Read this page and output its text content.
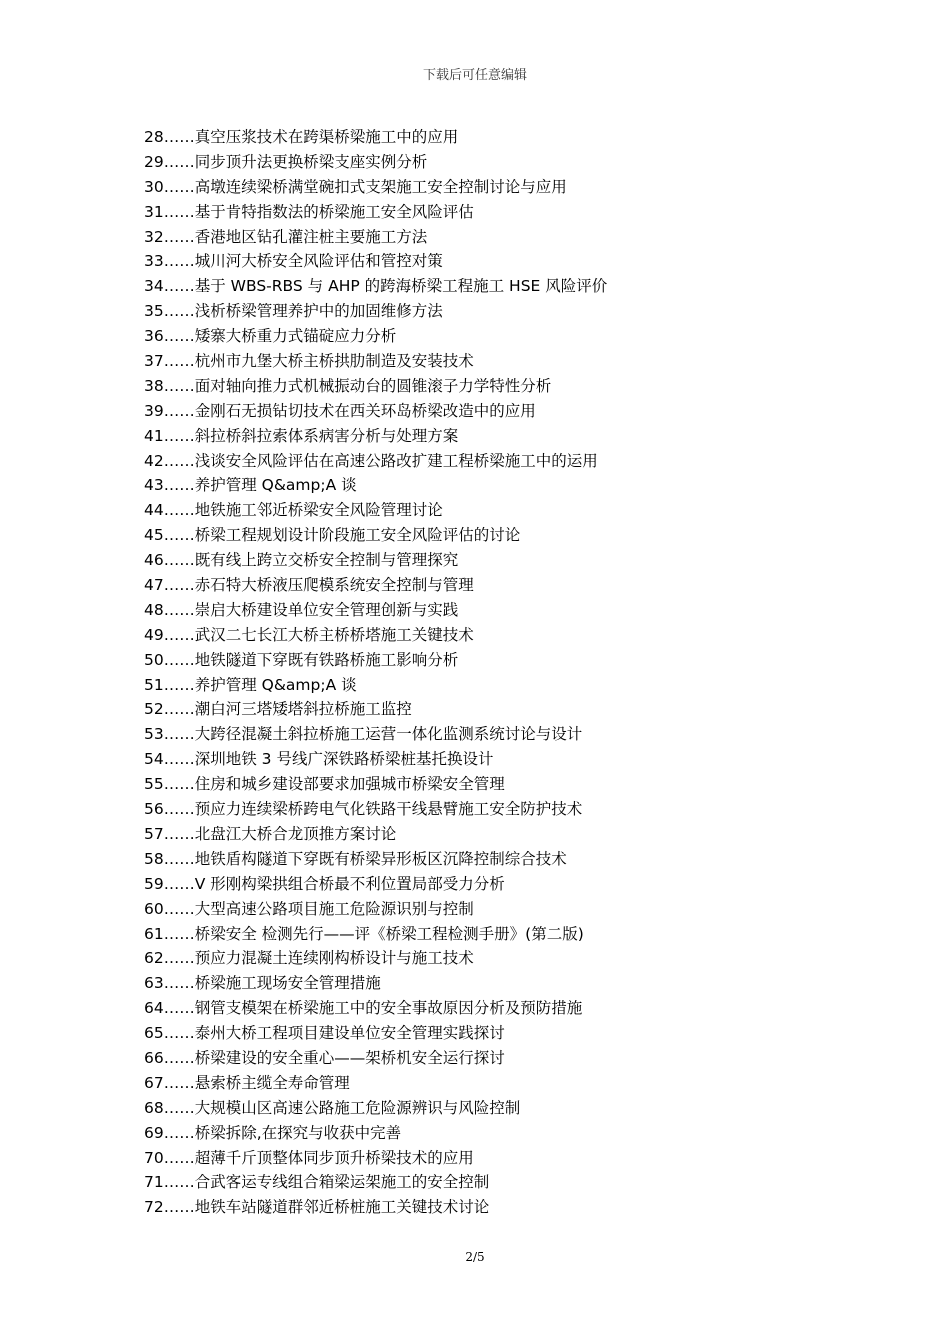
下载后可任意编辑
28……真空压浆技术在跨渠桥梁施工中的应用
29……同步顶升法更换桥梁支座实例分析
30……高墩连续梁桥满堂碗扣式支架施工安全控制讨论与应用
31……基于肯特指数法的桥梁施工安全风险评估
32……香港地区钻孔灌注桩主要施工方法
33……城川河大桥安全风险评估和管控对策
34……基于 WBS-RBS 与 AHP 的跨海桥梁工程施工 HSE 风险评价
35……浅析桥梁管理养护中的加固维修方法
36……矮寨大桥重力式锚碇应力分析
37……杭州市九堡大桥主桥拱肋制造及安装技术
38……面对轴向推力式机械振动台的圆锥滚子力学特性分析
39……金刚石无损钻切技术在西关环岛桥梁改造中的应用
41……斜拉桥斜拉索体系病害分析与处理方案
42……浅谈安全风险评估在高速公路改扩建工程桥梁施工中的运用
43……养护管理 Q&amp;A 谈
44……地铁施工邻近桥梁安全风险管理讨论
45……桥梁工程规划设计阶段施工安全风险评估的讨论
46……既有线上跨立交桥安全控制与管理探究
47……赤石特大桥液压爬模系统安全控制与管理
48……崇启大桥建设单位安全管理创新与实践
49……武汉二七长江大桥主桥桥塔施工关键技术
50……地铁隧道下穿既有铁路桥施工影响分析
51……养护管理 Q&amp;A 谈
52……潮白河三塔矮塔斜拉桥施工监控
53……大跨径混凝土斜拉桥施工运营一体化监测系统讨论与设计
54……深圳地铁 3 号线广深铁路桥梁桩基托换设计
55……住房和城乡建设部要求加强城市桥梁安全管理
56……预应力连续梁桥跨电气化铁路干线悬臂施工安全防护技术
57……北盘江大桥合龙顶推方案讨论
58……地铁盾构隧道下穿既有桥梁异形板区沉降控制综合技术
59……V 形刚构梁拱组合桥最不利位置局部受力分析
60……大型高速公路项目施工危险源识别与控制
61……桥梁安全 检测先行——评《桥梁工程检测手册》(第二版)
62……预应力混凝土连续刚构桥设计与施工技术
63……桥梁施工现场安全管理措施
64……钢管支模架在桥梁施工中的安全事故原因分析及预防措施
65……泰州大桥工程项目建设单位安全管理实践探讨
66……桥梁建设的安全重心——架桥机安全运行探讨
67……悬索桥主缆全寿命管理
68……大规模山区高速公路施工危险源辨识与风险控制
69……桥梁拆除,在探究与收获中完善
70……超薄千斤顶整体同步顶升桥梁技术的应用
71……合武客运专线组合箱梁运架施工的安全控制
72……地铁车站隧道群邻近桥桩施工关键技术讨论
2/5
